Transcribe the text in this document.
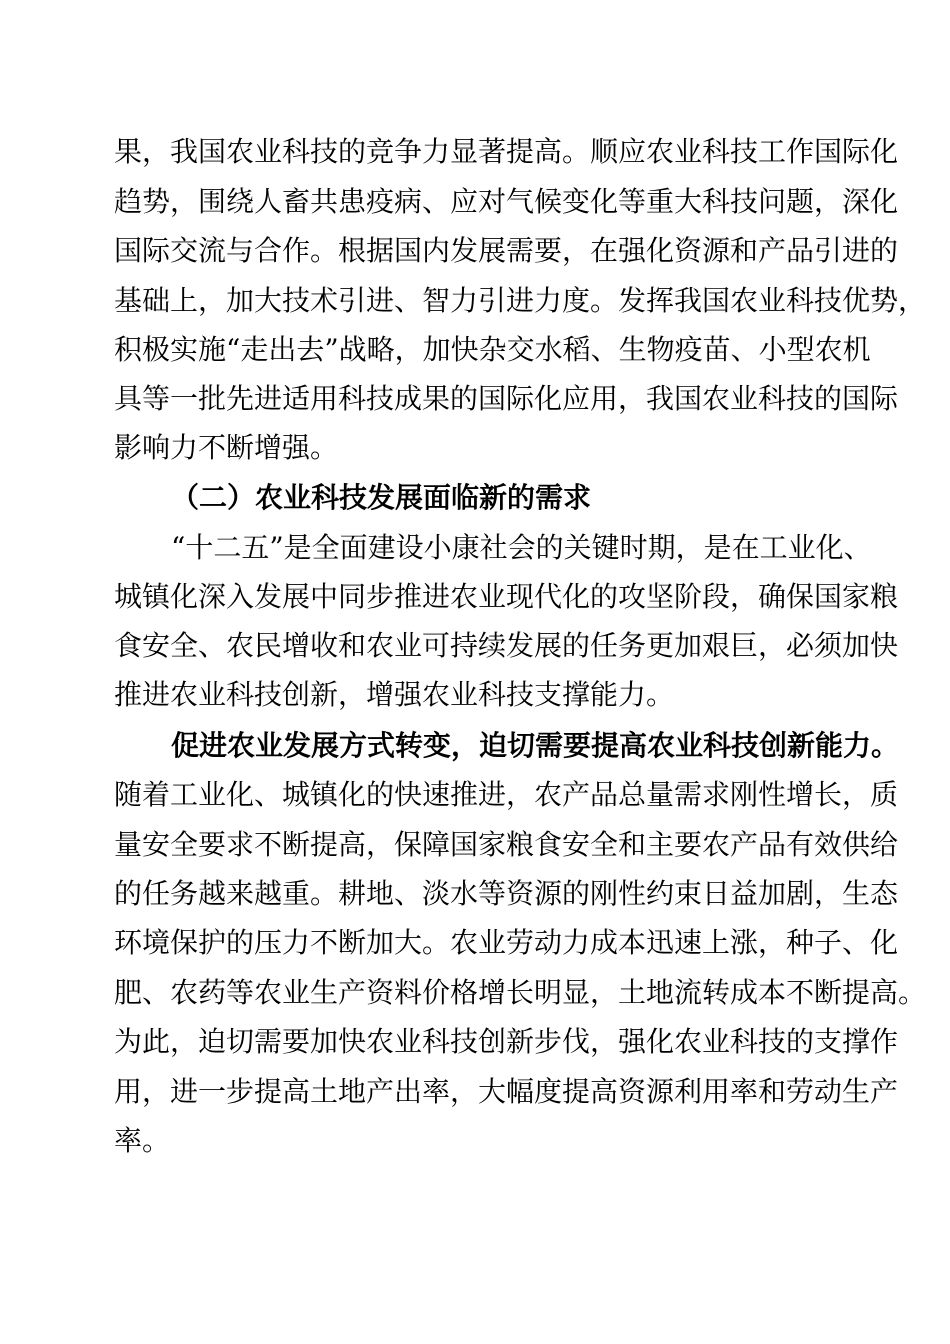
果，我国农业科技的竞争力显著提高。顺应农业科技工作国际化
趋势，围绕人畜共患疫病、应对气候变化等重大科技问题，深化
国际交流与合作。根据国内发展需要，在强化资源和产品引进的
基础上，加大技术引进、智力引进力度。发挥我国农业科技优势，
积极实施“走出去”战略，加快杂交水稻、生物疫苗、小型农机
具等一批先进适用科技成果的国际化应用，我国农业科技的国际
影响力不断增强。
（二）农业科技发展面临新的需求
“十二五”是全面建设小康社会的关键时期，是在工业化、
城镇化深入发展中同步推进农业现代化的攻坚阶段，确保国家粮
食安全、农民增收和农业可持续发展的任务更加艰巨，必须加快
推进农业科技创新，增强农业科技支撑能力。
促进农业发展方式转变，迫切需要提高农业科技创新能力。
随着工业化、城镇化的快速推进，农产品总量需求刚性增长，质
量安全要求不断提高，保障国家粮食安全和主要农产品有效供给
的任务越来越重。耕地、淡水等资源的刚性约束日益加剧，生态
环境保护的压力不断加大。农业劳动力成本迅速上涨，种子、化
肥、农药等农业生产资料价格增长明显，土地流转成本不断提高。
为此，迫切需要加快农业科技创新步伐，强化农业科技的支撑作
用，进一步提高土地产出率，大幅度提高资源利用率和劳动生产
率。
